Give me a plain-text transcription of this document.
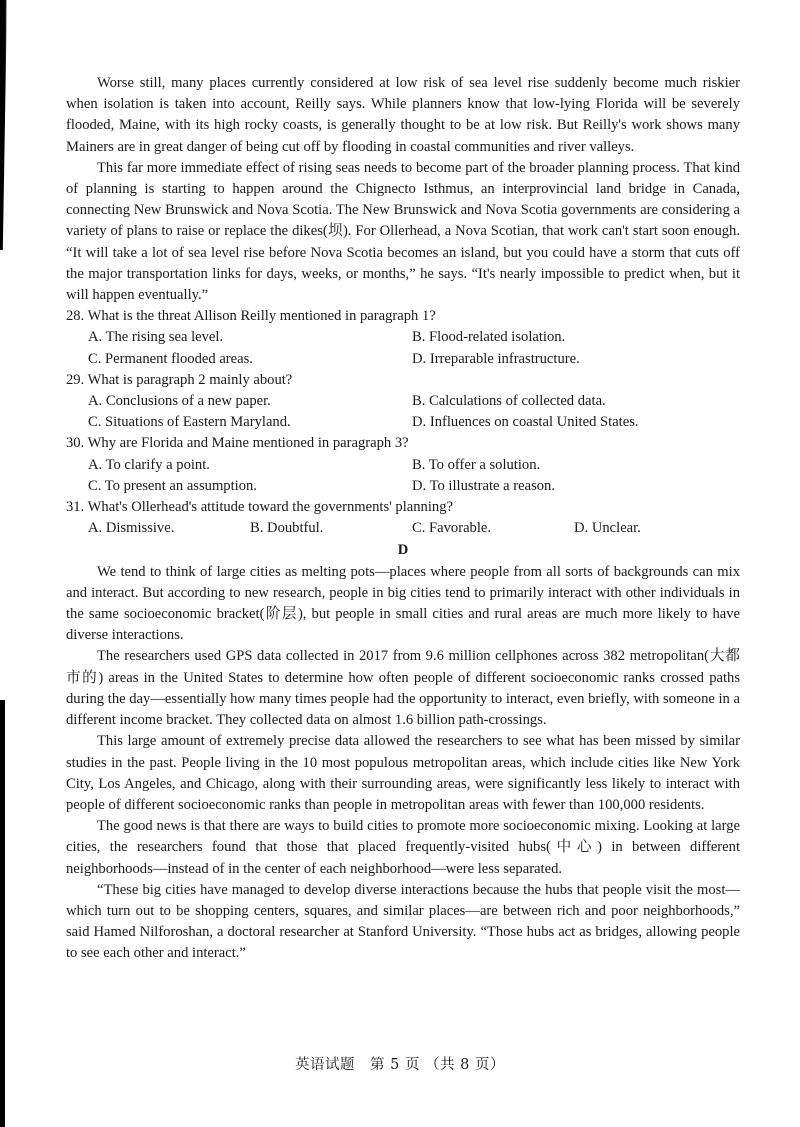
Worse still, many places currently considered at low risk of sea level rise suddenly become much riskier when isolation is taken into account, Reilly says. While planners know that low-lying Florida will be severely flooded, Maine, with its high rocky coasts, is generally thought to be at low risk. But Reilly's work shows many Mainers are in great danger of being cut off by flooding in coastal communities and river valleys.

This far more immediate effect of rising seas needs to become part of the broader planning process. That kind of planning is starting to happen around the Chignecto Isthmus, an interprovincial land bridge in Canada, connecting New Brunswick and Nova Scotia. The New Brunswick and Nova Scotia governments are considering a variety of plans to raise or replace the dikes(坝). For Ollerhead, a Nova Scotian, that work can't start soon enough. “It will take a lot of sea level rise before Nova Scotia becomes an island, but you could have a storm that cuts off the major transportation links for days, weeks, or months,” he says. “It's nearly impossible to predict when, but it will happen eventually.”

28. What is the threat Allison Reilly mentioned in paragraph 1?
A. The rising sea level.	B. Flood-related isolation.
C. Permanent flooded areas.	D. Irreparable infrastructure.
29. What is paragraph 2 mainly about?
A. Conclusions of a new paper.	B. Calculations of collected data.
C. Situations of Eastern Maryland.	D. Influences on coastal United States.
30. Why are Florida and Maine mentioned in paragraph 3?
A. To clarify a point.	B. To offer a solution.
C. To present an assumption.	D. To illustrate a reason.
31. What's Ollerhead's attitude toward the governments' planning?
A. Dismissive.	B. Doubtful.	C. Favorable.	D. Unclear.
D

We tend to think of large cities as melting pots—places where people from all sorts of backgrounds can mix and interact. But according to new research, people in big cities tend to primarily interact with other individuals in the same socioeconomic bracket(阶层), but people in small cities and rural areas are much more likely to have diverse interactions.

The researchers used GPS data collected in 2017 from 9.6 million cellphones across 382 metropolitan(大都市的) areas in the United States to determine how often people of different socioeconomic ranks crossed paths during the day—essentially how many times people had the opportunity to interact, even briefly, with someone in a different income bracket. They collected data on almost 1.6 billion path-crossings.

This large amount of extremely precise data allowed the researchers to see what has been missed by similar studies in the past. People living in the 10 most populous metropolitan areas, which include cities like New York City, Los Angeles, and Chicago, along with their surrounding areas, were significantly less likely to interact with people of different socioeconomic ranks than people in metropolitan areas with fewer than 100,000 residents.

The good news is that there are ways to build cities to promote more socioeconomic mixing. Looking at large cities, the researchers found that those that placed frequently-visited hubs(中心) in between different neighborhoods—instead of in the center of each neighborhood—were less separated.

“These big cities have managed to develop diverse interactions because the hubs that people visit the most—which turn out to be shopping centers, squares, and similar places—are between rich and poor neighborhoods,” said Hamed Nilforoshan, a doctoral researcher at Stanford University. “Those hubs act as bridges, allowing people to see each other and interact.”

英语试题　第 5 页 （共 8 页）
